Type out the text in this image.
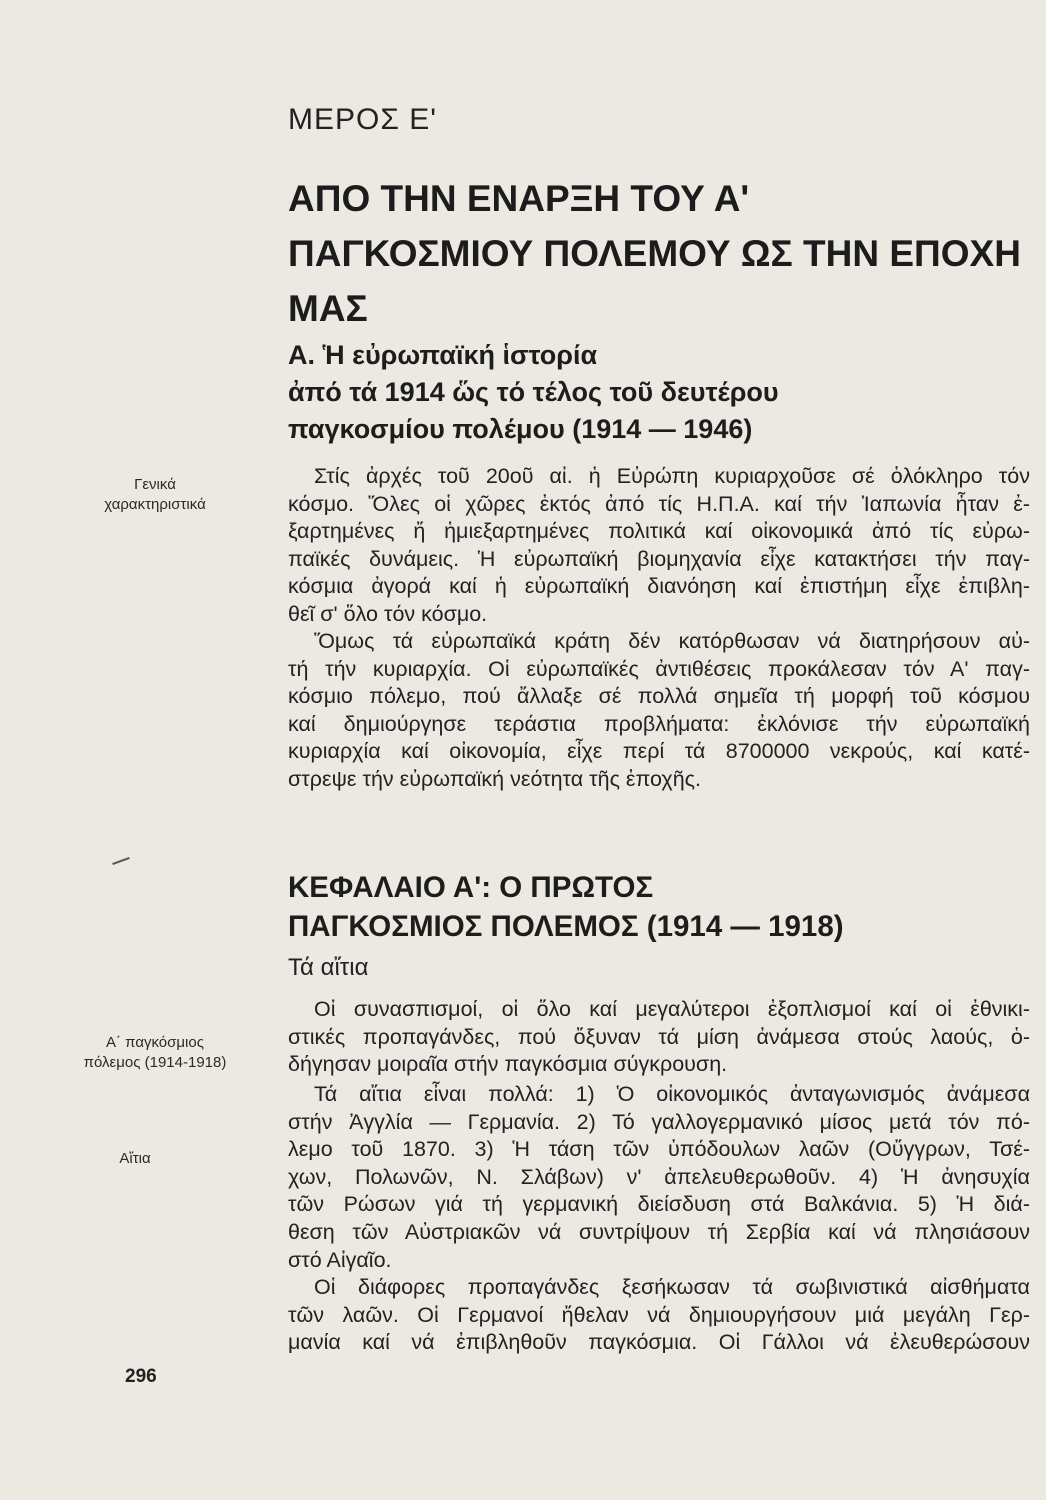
ΜΕΡΟΣ Ε'
ΑΠΟ ΤΗΝ ΕΝΑΡΞΗ ΤΟΥ Α'
ΠΑΓΚΟΣΜΙΟΥ ΠΟΛΕΜΟΥ ΩΣ ΤΗΝ ΕΠΟΧΗ
ΜΑΣ
Α. Ἡ εὐρωπαϊκή ἱστορία
ἀπό τά 1914 ὥς τό τέλος τοῦ δευτέρου
παγκοσμίου πολέμου (1914 — 1946)
Γενικά
χαρακτηριστικά
Στίς ἀρχές τοῦ 20οῦ αἰ. ἡ Εὐρώπη κυριαρχοῦσε σέ ὁλόκληρο τόν
κόσμο. Ὅλες οἱ χῶρες ἐκτός ἀπό τίς Η.Π.Α. καί τήν Ἰαπωνία ἦταν ἐ-
ξαρτημένες ἤ ἡμιεξαρτημένες πολιτικά καί οἰκονομικά ἀπό τίς εὐρω-
παϊκές δυνάμεις. Ἡ εὐρωπαϊκή βιομηχανία εἶχε κατακτήσει τήν παγ-
κόσμια ἀγορά καί ἡ εὐρωπαϊκή διανόηση καί ἐπιστήμη εἶχε ἐπιβλη-
θεῖ σ' ὅλο τόν κόσμο.
Ὅμως τά εὐρωπαϊκά κράτη δέν κατόρθωσαν νά διατηρήσουν αὐ-
τή τήν κυριαρχία. Οἱ εὐρωπαϊκές ἀντιθέσεις προκάλεσαν τόν Α' παγ-
κόσμιο πόλεμο, πού ἄλλαξε σέ πολλά σημεῖα τή μορφή τοῦ κόσμου
καί δημιούργησε τεράστια προβλήματα: ἐκλόνισε τήν εὐρωπαϊκή
κυριαρχία καί οἰκονομία, εἶχε περί τά 8700000 νεκρούς, καί κατέ-
στρεψε τήν εὐρωπαϊκή νεότητα τῆς ἐποχῆς.
ΚΕΦΑΛΑΙΟ Α': Ο ΠΡΩΤΟΣ
ΠΑΓΚΟΣΜΙΟΣ ΠΟΛΕΜΟΣ (1914 — 1918)
Τά αἴτια
Α΄ παγκόσμιος
πόλεμος (1914-1918)
Αἴτια
Οἱ συνασπισμοί, οἱ ὅλο καί μεγαλύτεροι ἐξοπλισμοί καί οἱ ἐθνικι-
στικές προπαγάνδες, πού ὄξυναν τά μίση ἀνάμεσα στούς λαούς, ὁ-
δήγησαν μοιραῖα στήν παγκόσμια σύγκρουση.
Τά αἴτια εἶναι πολλά: 1) Ὁ οἰκονομικός ἀνταγωνισμός ἀνάμεσα
στήν Ἀγγλία — Γερμανία. 2) Τό γαλλογερμανικό μίσος μετά τόν πό-
λεμο τοῦ 1870. 3) Ἡ τάση τῶν ὑπόδουλων λαῶν (Οὔγγρων, Τσέ-
χων, Πολωνῶν, Ν. Σλάβων) ν' ἀπελευθερωθοῦν. 4) Ἡ ἀνησυχία
τῶν Ρώσων γιά τή γερμανική διείσδυση στά Βαλκάνια. 5) Ἡ διά-
θεση τῶν Αὐστριακῶν νά συντρίψουν τή Σερβία καί νά πλησιάσουν
στό Αἰγαῖο.
Οἱ διάφορες προπαγάνδες ξεσήκωσαν τά σωβινιστικά αἰσθήματα
τῶν λαῶν. Οἱ Γερμανοί ἤθελαν νά δημιουργήσουν μιά μεγάλη Γερ-
μανία καί νά ἐπιβληθοῦν παγκόσμια. Οἱ Γάλλοι νά ἐλευθερώσουν
296
